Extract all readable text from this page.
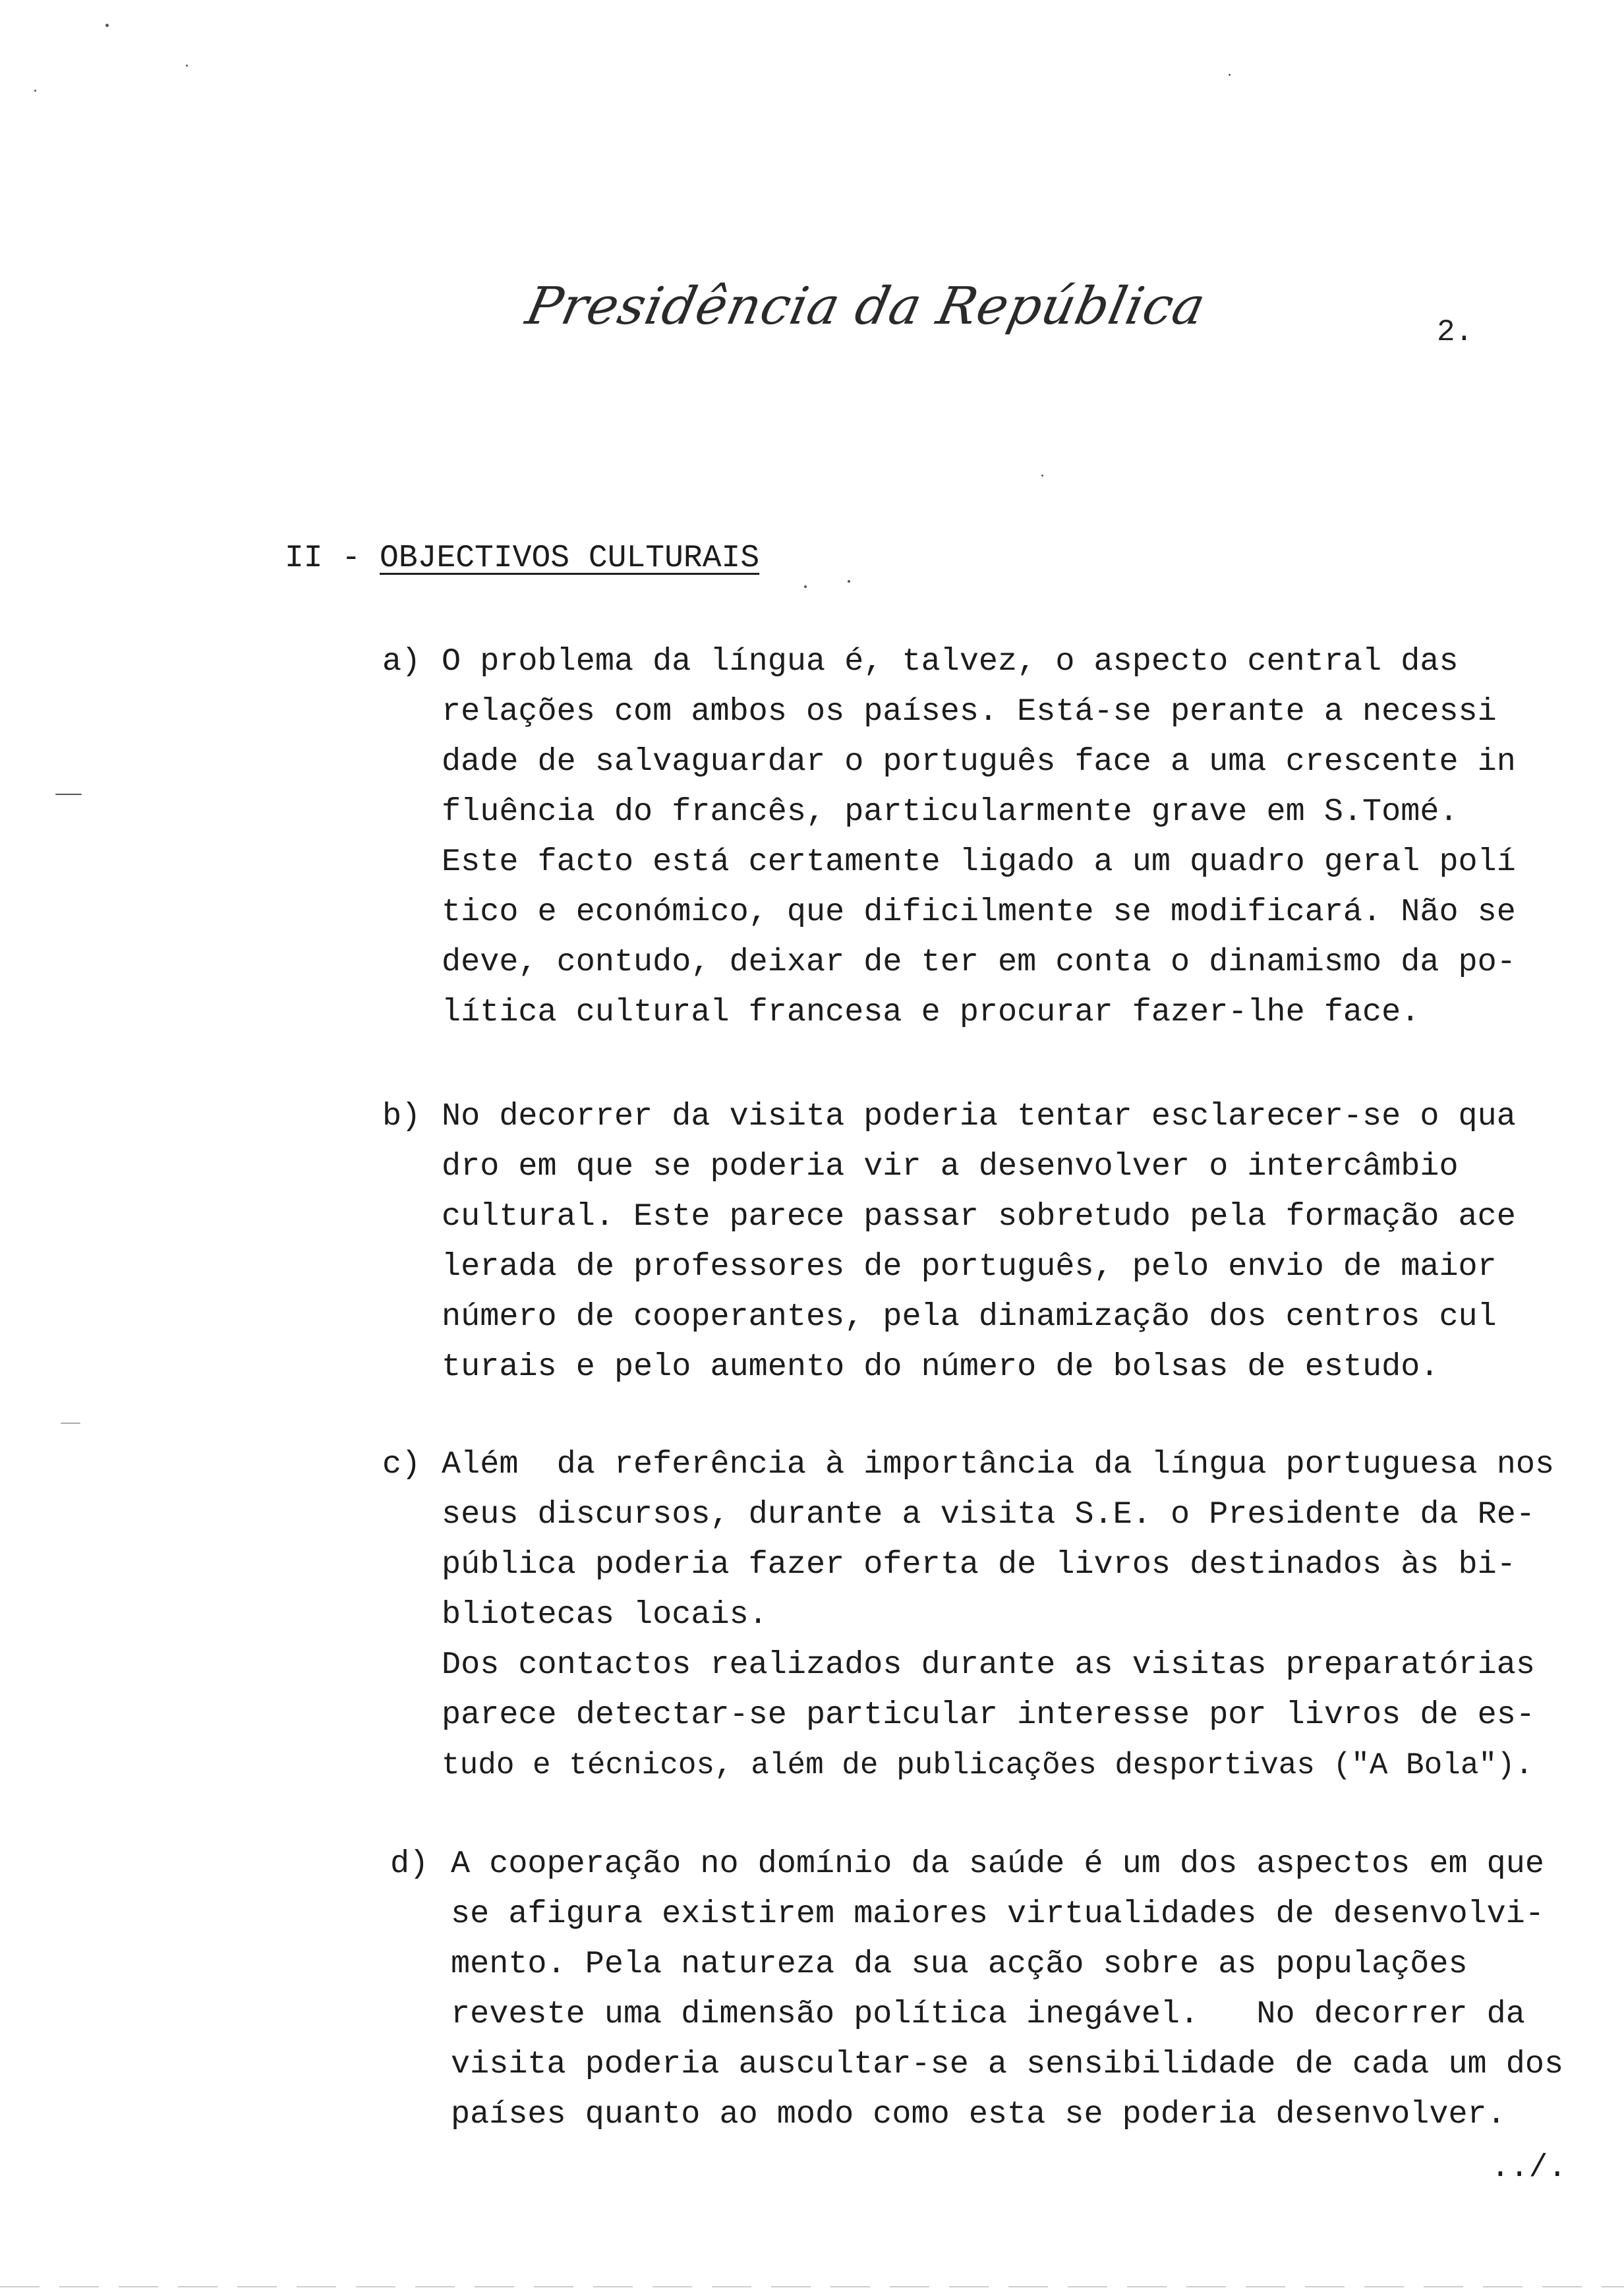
Presidência da República	2.
II - OBJECTIVOS CULTURAIS
a) O problema da língua é, talvez, o aspecto central das
relações com ambos os países. Está-se perante a necessi
dade de salvaguardar o português face a uma crescente in
fluência do francês, particularmente grave em S.Tomé.
Este facto está certamente ligado a um quadro geral polí
tico e económico, que dificilmente se modificará. Não se
deve, contudo, deixar de ter em conta o dinamismo da po-
lítica cultural francesa e procurar fazer-lhe face.
b) No decorrer da visita poderia tentar esclarecer-se o qua
dro em que se poderia vir a desenvolver o intercâmbio
cultural. Este parece passar sobretudo pela formação ace
lerada de professores de português, pelo envio de maior
número de cooperantes, pela dinamização dos centros cul
turais e pelo aumento do número de bolsas de estudo.
c) Além  da referência à importância da língua portuguesa nos
seus discursos, durante a visita S.E. o Presidente da Re-
pública poderia fazer oferta de livros destinados às bi-
bliotecas locais.
Dos contactos realizados durante as visitas preparatórias
parece detectar-se particular interesse por livros de es-
tudo e técnicos, além de publicações desportivas ("A Bola").
d) A cooperação no domínio da saúde é um dos aspectos em que
se afigura existirem maiores virtualidades de desenvolvi-
mento. Pela natureza da sua acção sobre as populações
reveste uma dimensão política inegável.   No decorrer da
visita poderia auscultar-se a sensibilidade de cada um dos
países quanto ao modo como esta se poderia desenvolver.
../.
